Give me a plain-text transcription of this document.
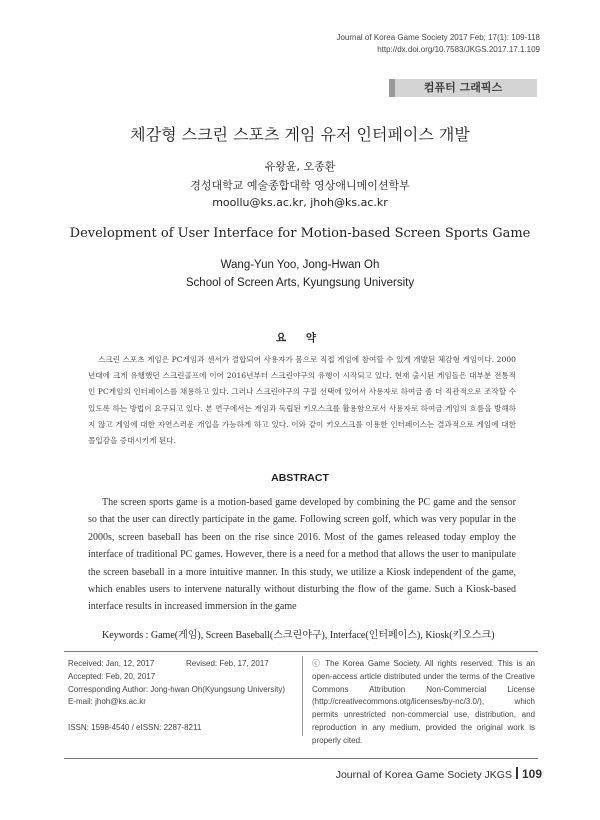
Journal of Korea Game Society 2017 Feb; 17(1): 109-118
http://dx.doi.org/10.7583/JKGS.2017.17.1.109
컴퓨터 그래픽스
체감형 스크린 스포츠 게임 유저 인터페이스 개발
유왕윤, 오종환
경성대학교 예술종합대학 영상애니메이션학부
moollu@ks.ac.kr, jhoh@ks.ac.kr
Development of User Interface for Motion-based Screen Sports Game
Wang-Yun Yoo, Jong-Hwan Oh
School of Screen Arts, Kyungsung University
요 약

스크린 스포츠 게임은 PC게임과 센서가 결합되어 사용자가 몸으로 직접 게임에 참여할 수 있게 개발된 체감형 게임이다. 2000년대에 크게 유행했던 스크린골프에 이어 2016년부터 스크린야구의 유행이 시작되고 있다. 현재 출시된 게임들은 대부분 전통적인 PC게임의 인터페이스를 채용하고 있다. 그러나 스크린야구의 구질 선택에 있어서 사용자로 하여금 좀 더 직관적으로 조작할 수 있도록 하는 방법이 요구되고 있다. 본 연구에서는 게임과 독립된 키오스크를 활용함으로서 사용자로 하여금 게임의 흐름을 방해하지 않고 게임에 대한 자연스러운 개입을 가능하게 하고 있다. 이와 같이 키오스크를 이용한 인터페이스는 결과적으로 게임에 대한 몰입감을 증대시키게 된다.

ABSTRACT

The screen sports game is a motion-based game developed by combining the PC game and the sensor so that the user can directly participate in the game. Following screen golf, which was very popular in the 2000s, screen baseball has been on the rise since 2016. Most of the games released today employ the interface of traditional PC games. However, there is a need for a method that allows the user to manipulate the screen baseball in a more intuitive manner. In this study, we utilize a Kiosk independent of the game, which enables users to intervene naturally without disturbing the flow of the game. Such a Kiosk-based interface results in increased immersion in the game

Keywords : Game(게임), Screen Baseball(스크린야구), Interface(인터페이스), Kiosk(키오스크)
Received: Jan, 12, 2017	Revised: Feb, 17, 2017
Accepted: Feb, 20, 2017
Corresponding Author: Jong-hwan Oh(Kyungsung University)
E-mail: jhoh@ks.ac.kr
ISSN: 1598-4540 / eISSN: 2287-8211

ⓒ The Korea Game Society. All rights reserved. This is an open-access article distributed under the terms of the Creative Commons Attribution Non-Commercial License (http://creativecommons.otg/licenses/by-nc/3.0/), which permits unrestricted non-commercial use, distribution, and reproduction in any medium, provided the original work is properly cited.

Journal of Korea Game Society JKGS 109
